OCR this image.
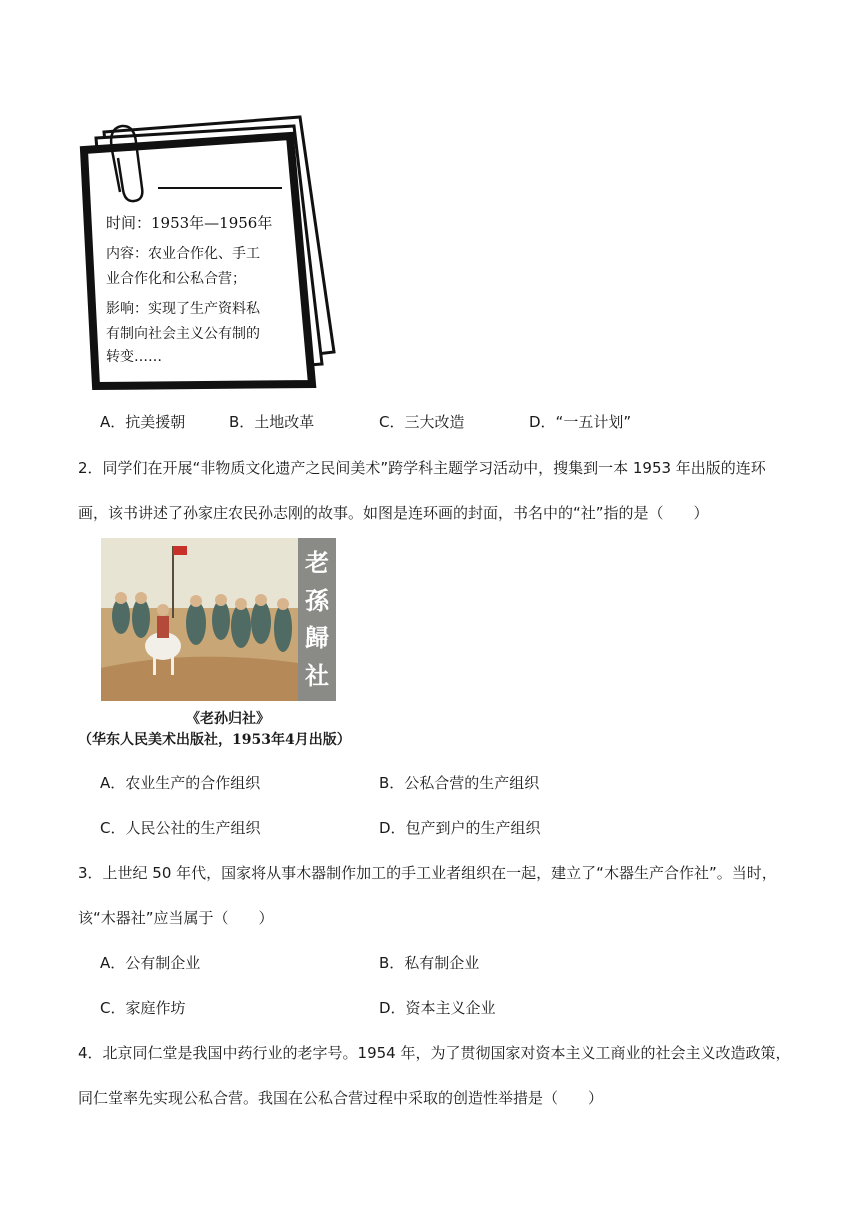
时间：1953年—1956年
内容：农业合作化、手工
业合作化和公私合营；
影响：实现了生产资料私
有制向社会主义公有制的
转变……
A．抗美援朝	B．土地改革	C．三大改造	D．“一五计划”
2．同学们在开展“非物质文化遗产之民间美术”跨学科主题学习活动中，搜集到一本 1953 年出版的连环
画，该书讲述了孙家庄农民孙志刚的故事。如图是连环画的封面，书名中的“社”指的是（　　）
老
孫
歸
社
《老孙归社》
（华东人民美术出版社，1953年4月出版）
A．农业生产的合作组织	B．公私合营的生产组织
C．人民公社的生产组织	D．包产到户的生产组织
3．上世纪 50 年代，国家将从事木器制作加工的手工业者组织在一起，建立了“木器生产合作社”。当时，
该“木器社”应当属于（　　）
A．公有制企业	B．私有制企业
C．家庭作坊	D．资本主义企业
4．北京同仁堂是我国中药行业的老字号。1954 年，为了贯彻国家对资本主义工商业的社会主义改造政策，
同仁堂率先实现公私合营。我国在公私合营过程中采取的创造性举措是（　　）
